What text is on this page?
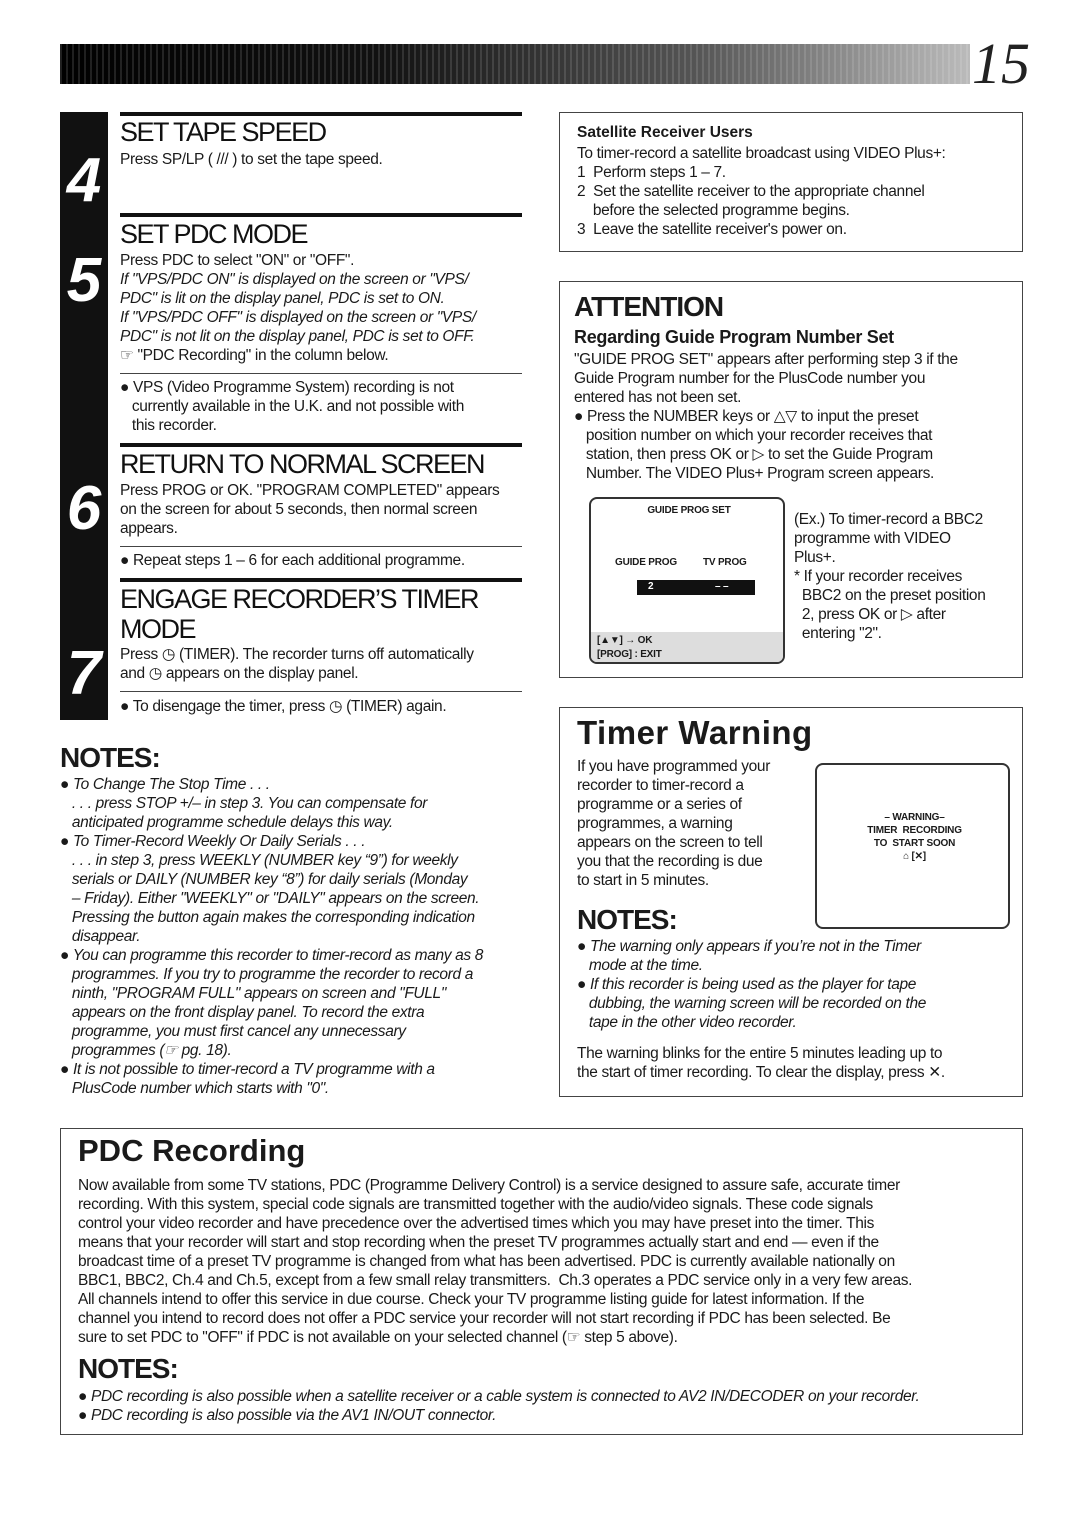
15
4
5
6
7
SET TAPE SPEED
Press SP/LP ( /// ) to set the tape speed.
SET PDC MODE
Press PDC to select "ON" or "OFF".
If "VPS/PDC ON" is displayed on the screen or "VPS/
PDC" is lit on the display panel, PDC is set to ON.
If "VPS/PDC OFF" is displayed on the screen or "VPS/
PDC" is not lit on the display panel, PDC is set to OFF.
☞ "PDC Recording" in the column below.
● VPS (Video Programme System) recording is not
currently available in the U.K. and not possible with
this recorder.
RETURN TO NORMAL SCREEN
Press PROG or OK. "PROGRAM COMPLETED" appears
on the screen for about 5 seconds, then normal screen
appears.
● Repeat steps 1 – 6 for each additional programme.
ENGAGE RECORDER’S TIMER
MODE
Press ◷ (TIMER). The recorder turns off automatically
and ◷ appears on the display panel.
● To disengage the timer, press ◷ (TIMER) again.
NOTES:
● To Change The Stop Time . . .
. . . press STOP +/– in step 3. You can compensate for
anticipated programme schedule delays this way.
● To Timer-Record Weekly Or Daily Serials . . .
. . . in step 3, press WEEKLY (NUMBER key “9”) for weekly
serials or DAILY (NUMBER key “8”) for daily serials (Monday
– Friday). Either "WEEKLY" or "DAILY" appears on the screen.
Pressing the button again makes the corresponding indication
disappear.
● You can programme this recorder to timer-record as many as 8
programmes. If you try to programme the recorder to record a
ninth, "PROGRAM FULL" appears on screen and "FULL"
appears on the front display panel. To record the extra
programme, you must first cancel any unnecessary
programmes (☞ pg. 18).
● It is not possible to timer-record a TV programme with a
PlusCode number which starts with "0".
Satellite Receiver Users
To timer-record a satellite broadcast using VIDEO Plus+:
1  Perform steps 1 – 7.
2  Set the satellite receiver to the appropriate channel
before the selected programme begins.
3  Leave the satellite receiver's power on.
ATTENTION
Regarding Guide Program Number Set
"GUIDE PROG SET" appears after performing step 3 if the
Guide Program number for the PlusCode number you
entered has not been set.
● Press the NUMBER keys or △▽ to input the preset
position number on which your recorder receives that
station, then press OK or ▷ to set the Guide Program
Number. The VIDEO Plus+ Program screen appears.
GUIDE PROG SET
GUIDE PROG	TV PROG
2	– –
[▲▼] → OK
[PROG] : EXIT
(Ex.) To timer-record a BBC2
programme with VIDEO
Plus+.
* If your recorder receives
BBC2 on the preset position
2, press OK or ▷ after
entering "2".
Timer Warning
If you have programmed your
recorder to timer-record a
programme or a series of
programmes, a warning
appears on the screen to tell
you that the recording is due
to start in 5 minutes.
– WARNING–
TIMER  RECORDING
TO  START SOON
⌂ [✕]
NOTES:
● The warning only appears if you’re not in the Timer
mode at the time.
● If this recorder is being used as the player for tape
dubbing, the warning screen will be recorded on the
tape in the other video recorder.
The warning blinks for the entire 5 minutes leading up to
the start of timer recording. To clear the display, press ✕.
PDC Recording
Now available from some TV stations, PDC (Programme Delivery Control) is a service designed to assure safe, accurate timer
recording. With this system, special code signals are transmitted together with the audio/video signals. These code signals
control your video recorder and have precedence over the advertised times which you may have preset into the timer. This
means that your recorder will start and stop recording when the preset TV programmes actually start and end — even if the
broadcast time of a preset TV programme is changed from what has been advertised. PDC is currently available nationally on
BBC1, BBC2, Ch.4 and Ch.5, except from a few small relay transmitters.  Ch.3 operates a PDC service only in a very few areas.
All channels intend to offer this service in due course. Check your TV programme listing guide for latest information. If the
channel you intend to record does not offer a PDC service your recorder will not start recording if PDC has been selected. Be
sure to set PDC to "OFF" if PDC is not available on your selected channel (☞ step 5 above).
NOTES:
● PDC recording is also possible when a satellite receiver or a cable system is connected to AV2 IN/DECODER on your recorder.
● PDC recording is also possible via the AV1 IN/OUT connector.
